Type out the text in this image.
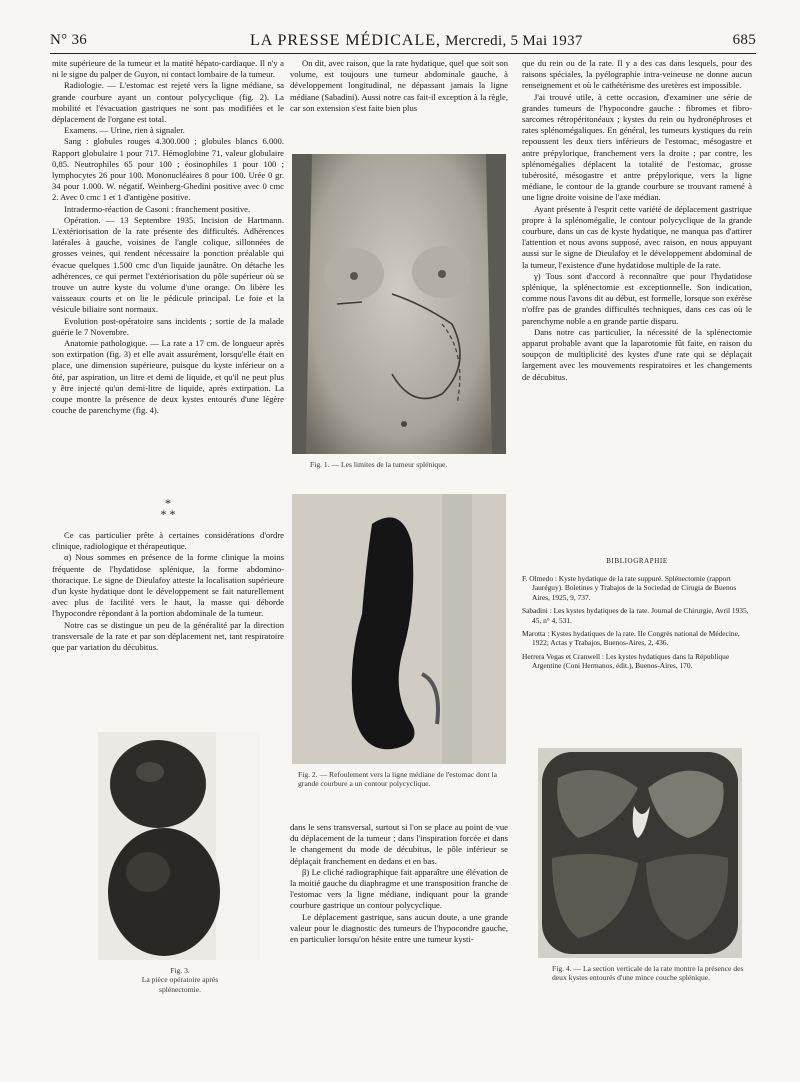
N° 36	LA PRESSE MÉDICALE, Mercredi, 5 Mai 1937	685

mite supérieure de la tumeur et la matité hépato-cardiaque. Il n'y a ni le signe du palper de Guyon, ni contact lombaire de la tumeur.

Radiologie. — L'estomac est rejeté vers la ligne médiane, sa grande courbure ayant un contour polycyclique (fig. 2). La mobilité et l'évacuation gastriques ne sont pas modifiées et le déplacement de l'organe est total.

Examens. — Urine, rien à signaler.

Sang : globules rouges 4.300.000 ; globules blancs 6.000. Rapport globulaire 1 pour 717. Hémoglobine 71, valeur globulaire 0,85. Neutrophiles 65 pour 100 ; éosinophiles 1 pour 100 ; lymphocytes 26 pour 100. Mononucléaires 8 pour 100. Urée 0 gr. 34 pour 1.000. W. négatif. Weinberg-Ghedini positive avec 0 cmc 2. Avec 0 cmc 1 et 1 d'antigène positive.

Intradermo-réaction de Casoni : franchement positive.

Opération. — 13 Septembre 1935. Incision de Hartmann. L'extériorisation de la rate présente des difficultés. Adhérences latérales à gauche, voisines de l'angle colique, sillonnées de grosses veines, qui rendent nécessaire la ponction préalable qui évacue quelques 1.500 cmc d'un liquide jaunâtre. On détache les adhérences, ce qui permet l'extériorisation du pôle supérieur où se trouve un autre kyste du volume d'une orange. On libère les vaisseaux courts et on lie le pédicule principal. Le foie et la vésicule biliaire sont normaux.

Evolution post-opératoire sans incidents ; sortie de la malade guérie le 7 Novembre.

Anatomie pathologique. — La rate a 17 cm. de longueur après son extirpation (fig. 3) et elle avait assurément, lorsqu'elle était en place, une dimension supérieure, puisque du kyste inférieur on a ôté, par aspiration, un litre et demi de liquide, et qu'il ne peut plus y être injecté qu'un demi-litre de liquide, après extirpation. La coupe montre la présence de deux kystes entourés d'une légère couche de parenchyme (fig. 4).

*
* *

Ce cas particulier prête à certaines considérations d'ordre clinique, radiologique et thérapeutique.

α) Nous sommes en présence de la forme clinique la moins fréquente de l'hydatidose splénique, la forme abdomino-thoracique. Le signe de Dieulafoy atteste la localisation supérieure d'un kyste hydatique dont le développement se fait naturellement avec plus de facilité vers le haut, la masse qui déborde l'hypocondre répondant à la portion abdominale de la tumeur.

Notre cas se distingue un peu de la généralité par la direction transversale de la rate et par son déplacement net, tant respiratoire que par variation du décubitus.

On dit, avec raison, que la rate hydatique, quel que soit son volume, est toujours une tumeur abdominale gauche, à développement longitudinal, ne dépassant jamais la ligne médiane (Sabadini). Aussi notre cas fait-il exception à la règle, car son extension s'est faite bien plus

Fig. 1. — Les limites de la tumeur splénique.
Fig. 2. — Refoulement vers la ligne médiane de l'estomac dont la grande courbure a un contour polycyclique.

dans le sens transversal, surtout si l'on se place au point de vue du déplacement de la tumeur ; dans l'inspiration forcée et dans le changement du mode de décubitus, le pôle inférieur se déplaçait franchement en dedans et en bas.

β) Le cliché radiographique fait apparaître une élévation de la moitié gauche du diaphragme et une transposition franche de l'estomac vers la ligne médiane, indiquant pour la grande courbure gastrique un contour polycyclique.

Le déplacement gastrique, sans aucun doute, a une grande valeur pour le diagnostic des tumeurs de l'hypocondre gauche, en particulier lorsqu'on hésite entre une tumeur kysti-

que du rein ou de la rate. Il y a des cas dans lesquels, pour des raisons spéciales, la pyélographie intra-veineuse ne donne aucun renseignement et où le cathétérisme des uretères est impossible.

J'ai trouvé utile, à cette occasion, d'examiner une série de grandes tumeurs de l'hypocondre gauche : fibromes et fibro-sarcomes rétropéritonéaux ; kystes du rein ou hydronéphroses et rates splénomégaliques. En général, les tumeurs kystiques du rein repoussent les deux tiers inférieurs de l'estomac, mésogastre et antre prépylorique, franchement vers la droite ; par contre, les splénomégalies déplacent la totalité de l'estomac, grosse tubérosité, mésogastre et antre prépylorique, vers la ligne médiane, le contour de la grande courbure se trouvant ramené à une ligne droite voisine de l'axe médian.

Ayant présente à l'esprit cette variété de déplacement gastrique propre à la splénomégalie, le contour polycyclique de la grande courbure, dans un cas de kyste hydatique, ne manqua pas d'attirer l'attention et nous avons supposé, avec raison, en nous appuyant aussi sur le signe de Dieulafoy et le développement abdominal de la tumeur, l'existence d'une hydatidose multiple de la rate.

γ) Tous sont d'accord à reconnaître que pour l'hydatidose splénique, la splénectomie est exceptionnelle. Son indication, comme nous l'avons dit au début, est formelle, lorsque son exérèse n'offre pas de grandes difficultés techniques, dans ces cas où le parenchyme noble a en grande partie disparu.

Dans notre cas particulier, la nécessité de la splénectomie apparut probable avant que la laparotomie fût faite, en raison du soupçon de multiplicité des kystes d'une rate qui se déplaçait largement avec les mouvements respiratoires et les changements de décubitus.

BIBLIOGRAPHIE

F. Olmedo : Kyste hydatique de la rate suppuré. Splénectomie (rapport Jauréguy). Boletines y Trabajos de la Sociedad de Cirugia de Buenos Aires, 1925, 9, 737.

Sabadini : Les kystes hydatiques de la rate. Journal de Chirurgie, Avril 1935, 45, n° 4, 531.

Marotta : Kystes hydatiques de la rate. IIe Congrès national de Médecine, 1922; Actas y Trabajos, Buenos-Aires, 2, 436.

Herrera Vegas et Cranwell : Les kystes hydatiques dans la République Argentine (Coni Hermanos, édit.), Buenos-Aires, 170.

Fig. 3.
La pièce opératoire après
splénectomie.
Fig. 4. — La section verticale de la rate montre la présence des deux kystes entourés d'une mince couche splénique.
